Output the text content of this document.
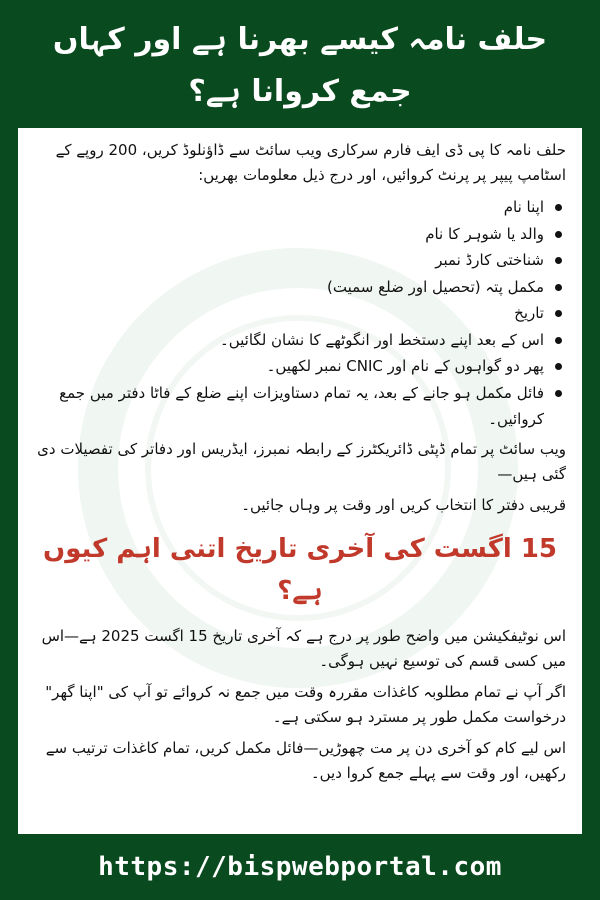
حلف نامہ کیسے بھرنا ہے اور کہاں جمع کروانا ہے؟

حلف نامہ کا پی ڈی ایف فارم سرکاری ویب سائٹ سے ڈاؤنلوڈ کریں، 200 روپے کے اسٹامپ پیپر پر پرنٹ کروائیں، اور درج ذیل معلومات بھریں:

اپنا نام
والد یا شوہر کا نام
شناختی کارڈ نمبر
مکمل پتہ (تحصیل اور ضلع سمیت)
تاریخ
اس کے بعد اپنے دستخط اور انگوٹھے کا نشان لگائیں۔
پھر دو گواہوں کے نام اور CNIC نمبر لکھیں۔
فائل مکمل ہو جانے کے بعد، یہ تمام دستاویزات اپنے ضلع کے فاٹا دفتر میں جمع کروائیں۔

ویب سائٹ پر تمام ڈپٹی ڈائریکٹرز کے رابطہ نمبرز، ایڈریس اور دفاتر کی تفصیلات دی گئی ہیں—

قریبی دفتر کا انتخاب کریں اور وقت پر وہاں جائیں۔

15 اگست کی آخری تاریخ اتنی اہم کیوں ہے؟

اس نوٹیفکیشن میں واضح طور پر درج ہے کہ آخری تاریخ 15 اگست 2025 ہے—اس میں کسی قسم کی توسیع نہیں ہوگی۔

اگر آپ نے تمام مطلوبہ کاغذات مقررہ وقت میں جمع نہ کروائے تو آپ کی "اپنا گھر" درخواست مکمل طور پر مسترد ہو سکتی ہے۔

اس لیے کام کو آخری دن پر مت چھوڑیں—فائل مکمل کریں، تمام کاغذات ترتیب سے رکھیں، اور وقت سے پہلے جمع کروا دیں۔

https://bispwebportal.com
